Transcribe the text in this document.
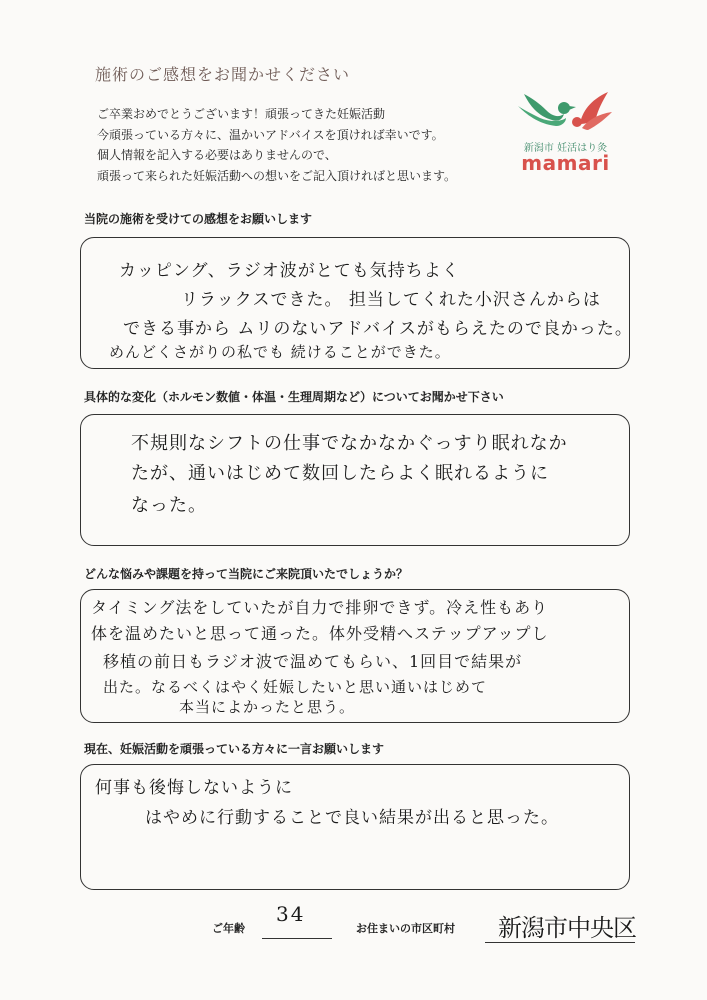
施術のご感想をお聞かせください
ご卒業おめでとうございます！頑張ってきた妊娠活動
今頑張っている方々に、温かいアドバイスを頂ければ幸いです。
個人情報を記入する必要はありませんので、
頑張って来られた妊娠活動への想いをご記入頂ければと思います。
新潟市 妊活はり灸
mamari
当院の施術を受けての感想をお願いします
カッピング、ラジオ波がとても気持ちよく
リラックスできた。 担当してくれた小沢さんからは
できる事から ムリのないアドバイスがもらえたので良かった。
めんどくさがりの私でも 続けることができた。
具体的な変化（ホルモン数値・体温・生理周期など）についてお聞かせ下さい
不規則なシフトの仕事でなかなかぐっすり眠れなか
たが、通いはじめて数回したらよく眠れるように
なった。
どんな悩みや課題を持って当院にご来院頂いたでしょうか？
タイミング法をしていたが自力で排卵できず。冷え性もあり
体を温めたいと思って通った。体外受精へステップアップし
移植の前日もラジオ波で温めてもらい、1回目で結果が
出た。なるべくはやく妊娠したいと思い通いはじめて
本当によかったと思う。
現在、妊娠活動を頑張っている方々に一言お願いします
何事も後悔しないように
はやめに行動することで良い結果が出ると思った。
ご年齢
34
お住まいの市区町村 新潟市中央区
